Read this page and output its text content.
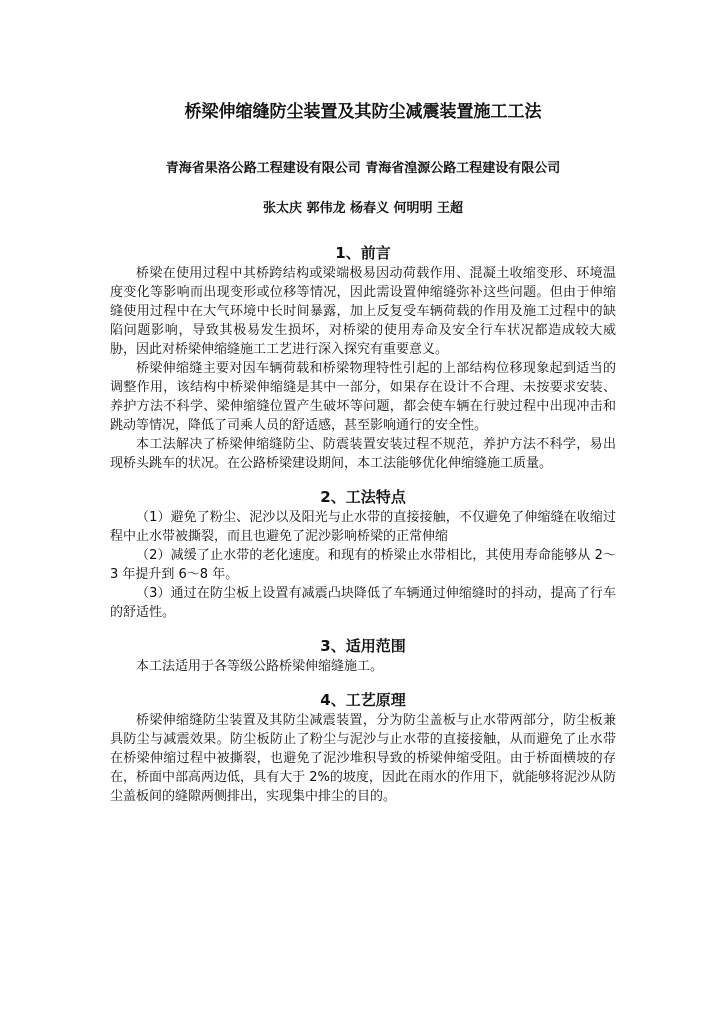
桥梁伸缩缝防尘装置及其防尘减震装置施工工法
青海省果洛公路工程建设有限公司 青海省湟源公路工程建设有限公司
张太庆 郭伟龙 杨春义 何明明 王超
1、前言

桥梁在使用过程中其桥跨结构或梁端极易因动荷载作用、混凝土收缩变形、环境温度变化等影响而出现变形或位移等情况，因此需设置伸缩缝弥补这些问题。但由于伸缩缝使用过程中在大气环境中长时间暴露，加上反复受车辆荷载的作用及施工过程中的缺陷问题影响，导致其极易发生损坏，对桥梁的使用寿命及安全行车状况都造成较大威胁，因此对桥梁伸缩缝施工工艺进行深入探究有重要意义。

桥梁伸缩缝主要对因车辆荷载和桥梁物理特性引起的上部结构位移现象起到适当的调整作用，该结构中桥梁伸缩缝是其中一部分，如果存在设计不合理、未按要求安装、养护方法不科学、梁伸缩缝位置产生破坏等问题，都会使车辆在行驶过程中出现冲击和跳动等情况，降低了司乘人员的舒适感，甚至影响通行的安全性。

本工法解决了桥梁伸缩缝防尘、防震装置安装过程不规范，养护方法不科学，易出现桥头跳车的状况。在公路桥梁建设期间，本工法能够优化伸缩缝施工质量。

2、工法特点

（1）避免了粉尘、泥沙以及阳光与止水带的直接接触，不仅避免了伸缩缝在收缩过程中止水带被撕裂，而且也避免了泥沙影响桥梁的正常伸缩

（2）减缓了止水带的老化速度。和现有的桥梁止水带相比，其使用寿命能够从 2～3 年提升到 6～8 年。

（3）通过在防尘板上设置有减震凸块降低了车辆通过伸缩缝时的抖动，提高了行车的舒适性。

3、适用范围

本工法适用于各等级公路桥梁伸缩缝施工。

4、工艺原理

桥梁伸缩缝防尘装置及其防尘减震装置，分为防尘盖板与止水带两部分，防尘板兼具防尘与减震效果。防尘板防止了粉尘与泥沙与止水带的直接接触，从而避免了止水带在桥梁伸缩过程中被撕裂，也避免了泥沙堆积导致的桥梁伸缩受阻。由于桥面横坡的存在，桥面中部高两边低，具有大于 2%的坡度，因此在雨水的作用下，就能够将泥沙从防尘盖板间的缝隙两侧排出，实现集中排尘的目的。
